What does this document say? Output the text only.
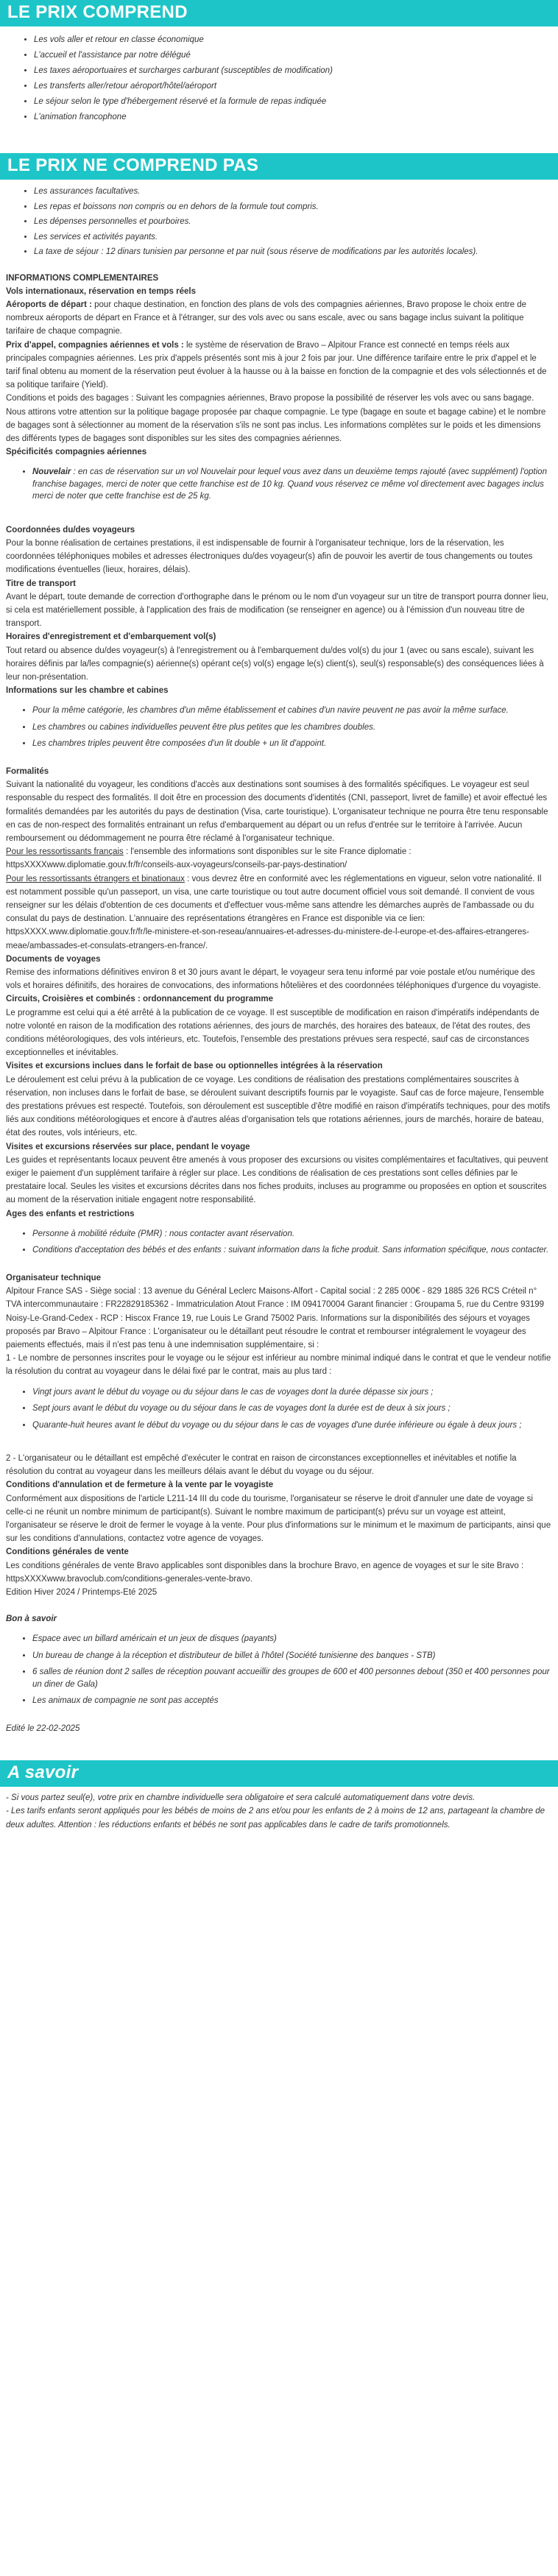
LE PRIX COMPREND
• Les vols aller et retour en classe économique
• L'accueil et l'assistance par notre délégué
• Les taxes aéroportuaires et surcharges carburant (susceptibles de modification)
• Les transferts aller/retour aéroport/hôtel/aéroport
• Le séjour selon le type d'hébergement réservé et la formule de repas indiquée
• L'animation francophone
LE PRIX NE COMPREND PAS
• Les assurances facultatives.
• Les repas et boissons non compris ou en dehors de la formule tout compris.
• Les dépenses personnelles et pourboires.
• Les services et activités payants.
• La taxe de séjour : 12 dinars tunisien par personne et par nuit (sous réserve de modifications par les autorités locales).

INFORMATIONS COMPLEMENTAIRES

Vols internationaux, réservation en temps réels

Aéroports de départ : pour chaque destination, en fonction des plans de vols des compagnies aériennes, Bravo propose le choix entre de nombreux aéroports de départ en France et à l'étranger, sur des vols avec ou sans escale, avec ou sans bagage inclus suivant la politique tarifaire de chaque compagnie.

Prix d'appel, compagnies aériennes et vols : le système de réservation de Bravo – Alpitour France est connecté en temps réels aux principales compagnies aériennes. Les prix d'appels présentés sont mis à jour 2 fois par jour. Une différence tarifaire entre le prix d'appel et le tarif final obtenu au moment de la réservation peut évoluer à la hausse ou à la baisse en fonction de la compagnie et des vols sélectionnés et de sa politique tarifaire (Yield).

Conditions et poids des bagages : Suivant les compagnies aériennes, Bravo propose la possibilité de réserver les vols avec ou sans bagage. Nous attirons votre attention sur la politique bagage proposée par chaque compagnie. Le type (bagage en soute et bagage cabine) et le nombre de bagages sont à sélectionner au moment de la réservation s'ils ne sont pas inclus. Les informations complètes sur le poids et les dimensions des différents types de bagages sont disponibles sur les sites des compagnies aériennes.

Spécificités compagnies aériennes

• Nouvelair : en cas de réservation sur un vol Nouvelair pour lequel vous avez dans un deuxième temps rajouté (avec supplément) l'option franchise bagages, merci de noter que cette franchise est de 10 kg. Quand vous réservez ce même vol directement avec bagages inclus merci de noter que cette franchise est de 25 kg.

Coordonnées du/des voyageurs

Pour la bonne réalisation de certaines prestations, il est indispensable de fournir à l'organisateur technique, lors de la réservation, les coordonnées téléphoniques mobiles et adresses électroniques du/des voyageur(s) afin de pouvoir les avertir de tous changements ou toutes modifications éventuelles (lieux, horaires, délais).

Titre de transport

Avant le départ, toute demande de correction d'orthographe dans le prénom ou le nom d'un voyageur sur un titre de transport pourra donner lieu, si cela est matériellement possible, à l'application des frais de modification (se renseigner en agence) ou à l'émission d'un nouveau titre de transport.

Horaires d'enregistrement et d'embarquement vol(s)

Tout retard ou absence du/des voyageur(s) à l'enregistrement ou à l'embarquement du/des vol(s) du jour 1 (avec ou sans escale), suivant les horaires définis par la/les compagnie(s) aérienne(s) opérant ce(s) vol(s) engage le(s) client(s), seul(s) responsable(s) des conséquences liées à leur non-présentation.

Informations sur les chambre et cabines

• Pour la même catégorie, les chambres d'un même établissement et cabines d'un navire peuvent ne pas avoir la même surface.
• Les chambres ou cabines individuelles peuvent être plus petites que les chambres doubles.
• Les chambres triples peuvent être composées d'un lit double + un lit d'appoint.

Formalités

Suivant la nationalité du voyageur, les conditions d'accès aux destinations sont soumises à des formalités spécifiques. Le voyageur est seul responsable du respect des formalités. Il doit être en procession des documents d'identités (CNI, passeport, livret de famille) et avoir effectué les formalités demandées par les autorités du pays de destination (Visa, carte touristique). L'organisateur technique ne pourra être tenu responsable en cas de non-respect des formalités entrainant un refus d'embarquement au départ ou un refus d'entrée sur le territoire à l'arrivée. Aucun remboursement ou dédommagement ne pourra être réclamé à l'organisateur technique.

Pour les ressortissants français : l'ensemble des informations sont disponibles sur le site France diplomatie : httpsXXXXwww.diplomatie.gouv.fr/fr/conseils-aux-voyageurs/conseils-par-pays-destination/

Pour les ressortissants étrangers et binationaux : vous devrez être en conformité avec les réglementations en vigueur, selon votre nationalité. Il est notamment possible qu'un passeport, un visa, une carte touristique ou tout autre document officiel vous soit demandé. Il convient de vous renseigner sur les délais d'obtention de ces documents et d'effectuer vous-même sans attendre les démarches auprès de l'ambassade ou du consulat du pays de destination. L'annuaire des représentations étrangères en France est disponible via ce lien: httpsXXXX.www.diplomatie.gouv.fr/fr/le-ministere-et-son-reseau/annuaires-et-adresses-du-ministere-de-l-europe-et-des-affaires-etrangeres-meae/ambassades-et-consulats-etrangers-en-france/.

Documents de voyages

Remise des informations définitives environ 8 et 30 jours avant le départ, le voyageur sera tenu informé par voie postale et/ou numérique des vols et horaires définitifs, des horaires de convocations, des informations hôtelières et des coordonnées téléphoniques d'urgence du voyagiste.

Circuits, Croisières et combinés : ordonnancement du programme

Le programme est celui qui a été arrêté à la publication de ce voyage. Il est susceptible de modification en raison d'impératifs indépendants de notre volonté en raison de la modification des rotations aériennes, des jours de marchés, des horaires des bateaux, de l'état des routes, des conditions météorologiques, des vols intérieurs, etc. Toutefois, l'ensemble des prestations prévues sera respecté, sauf cas de circonstances exceptionnelles et inévitables.

Visites et excursions inclues dans le forfait de base ou optionnelles intégrées à la réservation

Le déroulement est celui prévu à la publication de ce voyage. Les conditions de réalisation des prestations complémentaires souscrites à réservation, non incluses dans le forfait de base, se déroulent suivant descriptifs fournis par le voyagiste. Sauf cas de force majeure, l'ensemble des prestations prévues est respecté. Toutefois, son déroulement est susceptible d'être modifié en raison d'impératifs techniques, pour des motifs liés aux conditions météorologiques et encore à d'autres aléas d'organisation tels que rotations aériennes, jours de marchés, horaire de bateau, état des routes, vols intérieurs, etc.

Visites et excursions réservées sur place, pendant le voyage

Les guides et représentants locaux peuvent être amenés à vous proposer des excursions ou visites complémentaires et facultatives, qui peuvent exiger le paiement d'un supplément tarifaire à régler sur place. Les conditions de réalisation de ces prestations sont celles définies par le prestataire local. Seules les visites et excursions décrites dans nos fiches produits, incluses au programme ou proposées en option et souscrites au moment de la réservation initiale engagent notre responsabilité.

Ages des enfants et restrictions

• Personne à mobilité réduite (PMR) : nous contacter avant réservation.
• Conditions d'acceptation des bébés et des enfants : suivant information dans la fiche produit. Sans information spécifique, nous contacter.

Organisateur technique

Alpitour France SAS - Siège social : 13 avenue du Général Leclerc Maisons-Alfort - Capital social : 2 285 000€ - 829 1885 326 RCS Créteil n° TVA intercommunautaire : FR22829185362 - Immatriculation Atout France : IM 094170004 Garant financier : Groupama 5, rue du Centre 93199 Noisy-Le-Grand-Cedex - RCP : Hiscox France 19, rue Louis Le Grand 75002 Paris. Informations sur la disponibilités des séjours et voyages proposés par Bravo – Alpitour France : L'organisateur ou le détaillant peut résoudre le contrat et rembourser intégralement le voyageur des paiements effectués, mais il n'est pas tenu à une indemnisation supplémentaire, si :

1 - Le nombre de personnes inscrites pour le voyage ou le séjour est inférieur au nombre minimal indiqué dans le contrat et que le vendeur notifie la résolution du contrat au voyageur dans le délai fixé par le contrat, mais au plus tard :

• Vingt jours avant le début du voyage ou du séjour dans le cas de voyages dont la durée dépasse six jours ;
• Sept jours avant le début du voyage ou du séjour dans le cas de voyages dont la durée est de deux à six jours ;
• Quarante-huit heures avant le début du voyage ou du séjour dans le cas de voyages d'une durée inférieure ou égale à deux jours ;

2 - L'organisateur ou le détaillant est empêché d'exécuter le contrat en raison de circonstances exceptionnelles et inévitables et notifie la résolution du contrat au voyageur dans les meilleurs délais avant le début du voyage ou du séjour.

Conditions d'annulation et de fermeture à la vente par le voyagiste

Conformément aux dispositions de l'article L211-14 III du code du tourisme, l'organisateur se réserve le droit d'annuler une date de voyage si celle-ci ne réunit un nombre minimum de participant(s). Suivant le nombre maximum de participant(s) prévu sur un voyage est atteint, l'organisateur se réserve le droit de fermer le voyage à la vente. Pour plus d'informations sur le minimum et le maximum de participants, ainsi que sur les conditions d'annulations, contactez votre agence de voyages.

Conditions générales de vente

Les conditions générales de vente Bravo applicables sont disponibles dans la brochure Bravo, en agence de voyages et sur le site Bravo : httpsXXXXwww.bravoclub.com/conditions-generales-vente-bravo.

Edition Hiver 2024 / Printemps-Eté 2025

Bon à savoir

• Espace avec un billard américain et un jeux de disques (payants)
• Un bureau de change à la réception et distributeur de billet à l'hôtel (Société tunisienne des banques - STB)
• 6 salles de réunion dont 2 salles de réception pouvant accueillir des groupes de 600 et 400 personnes debout (350 et 400 personnes pour un diner de Gala)
• Les animaux de compagnie ne sont pas acceptés

Edité le 22-02-2025

A savoir

- Si vous partez seul(e), votre prix en chambre individuelle sera obligatoire et sera calculé automatiquement dans votre devis.

- Les tarifs enfants seront appliqués pour les bébés de moins de 2 ans et/ou pour les enfants de 2 à moins de 12 ans, partageant la chambre de deux adultes. Attention : les réductions enfants et bébés ne sont pas applicables dans le cadre de tarifs promotionnels.
